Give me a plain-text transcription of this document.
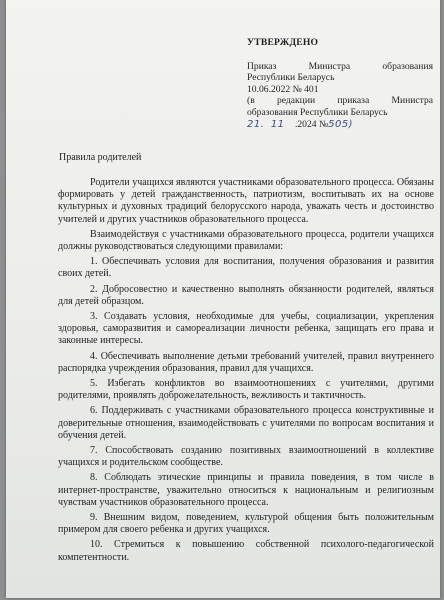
УТВЕРЖДЕНО
Приказ Министра образования
Республики Беларусь
10.06.2022 № 401
(в редакции приказа Министра
образования Республики Беларусь
21. 11 .2024 №505)
Правила родителей

Родители учащихся являются участниками образовательного процесса. Обязаны формировать у детей гражданственность, патриотизм, воспитывать их на основе культурных и духовных традиций белорусского народа, уважать честь и достоинство учителей и других участников образовательного процесса.

Взаимодействуя с участниками образовательного процесса, родители учащихся должны руководствоваться следующими правилами:

1. Обеспечивать условия для воспитания, получения образования и развития своих детей.

2. Добросовестно и качественно выполнять обязанности родителей, являться для детей образцом.

3. Создавать условия, необходимые для учебы, социализации, укрепления здоровья, саморазвития и самореализации личности ребенка, защищать его права и законные интересы.

4. Обеспечивать выполнение детьми требований учителей, правил внутреннего распорядка учреждения образования, правил для учащихся.

5. Избегать конфликтов во взаимоотношениях с учителями, другими родителями, проявлять доброжелательность, вежливость и тактичность.

6. Поддерживать с участниками образовательного процесса конструктивные и доверительные отношения, взаимодействовать с учителями по вопросам воспитания и обучения детей.

7. Способствовать созданию позитивных взаимоотношений в коллективе учащихся и родительском сообществе.

8. Соблюдать этические принципы и правила поведения, в том числе в интернет-пространстве, уважительно относиться к национальным и религиозным чувствам участников образовательного процесса.

9. Внешним видом, поведением, культурой общения быть положительным примером для своего ребенка и других учащихся.

10. Стремиться к повышению собственной психолого-педагогической компетентности.
